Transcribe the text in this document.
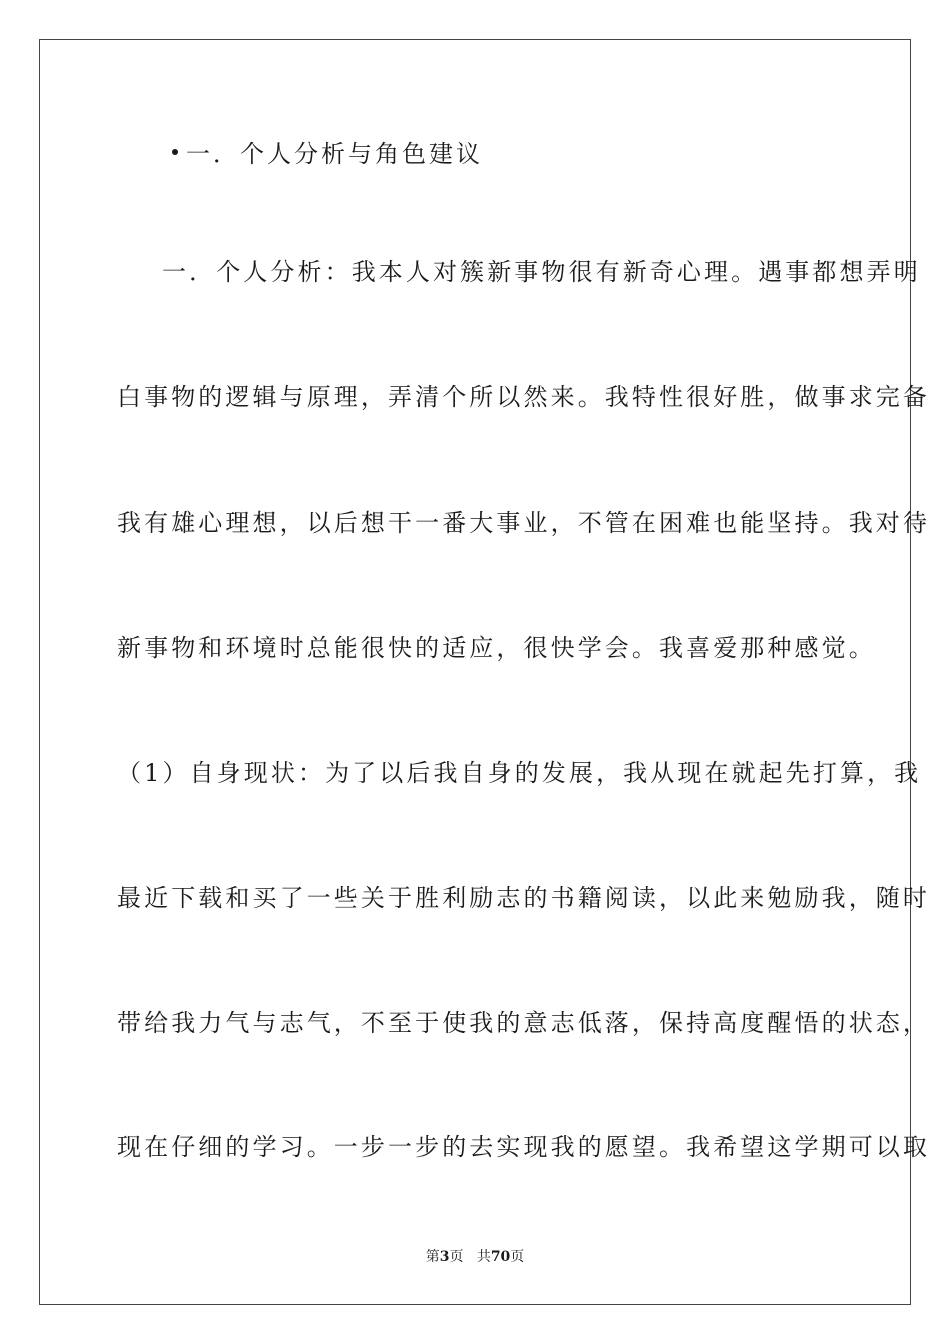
一．个人分析与角色建议
一．个人分析：我本人对簇新事物很有新奇心理。遇事都想弄明
白事物的逻辑与原理，弄清个所以然来。我特性很好胜，做事求完备
我有雄心理想，以后想干一番大事业，不管在困难也能坚持。我对待
新事物和环境时总能很快的适应，很快学会。我喜爱那种感觉。
（1）自身现状：为了以后我自身的发展，我从现在就起先打算，我
最近下载和买了一些关于胜利励志的书籍阅读，以此来勉励我，随时
带给我力气与志气，不至于使我的意志低落，保持高度醒悟的状态，
现在仔细的学习。一步一步的去实现我的愿望。我希望这学期可以取
第3页 共70页
